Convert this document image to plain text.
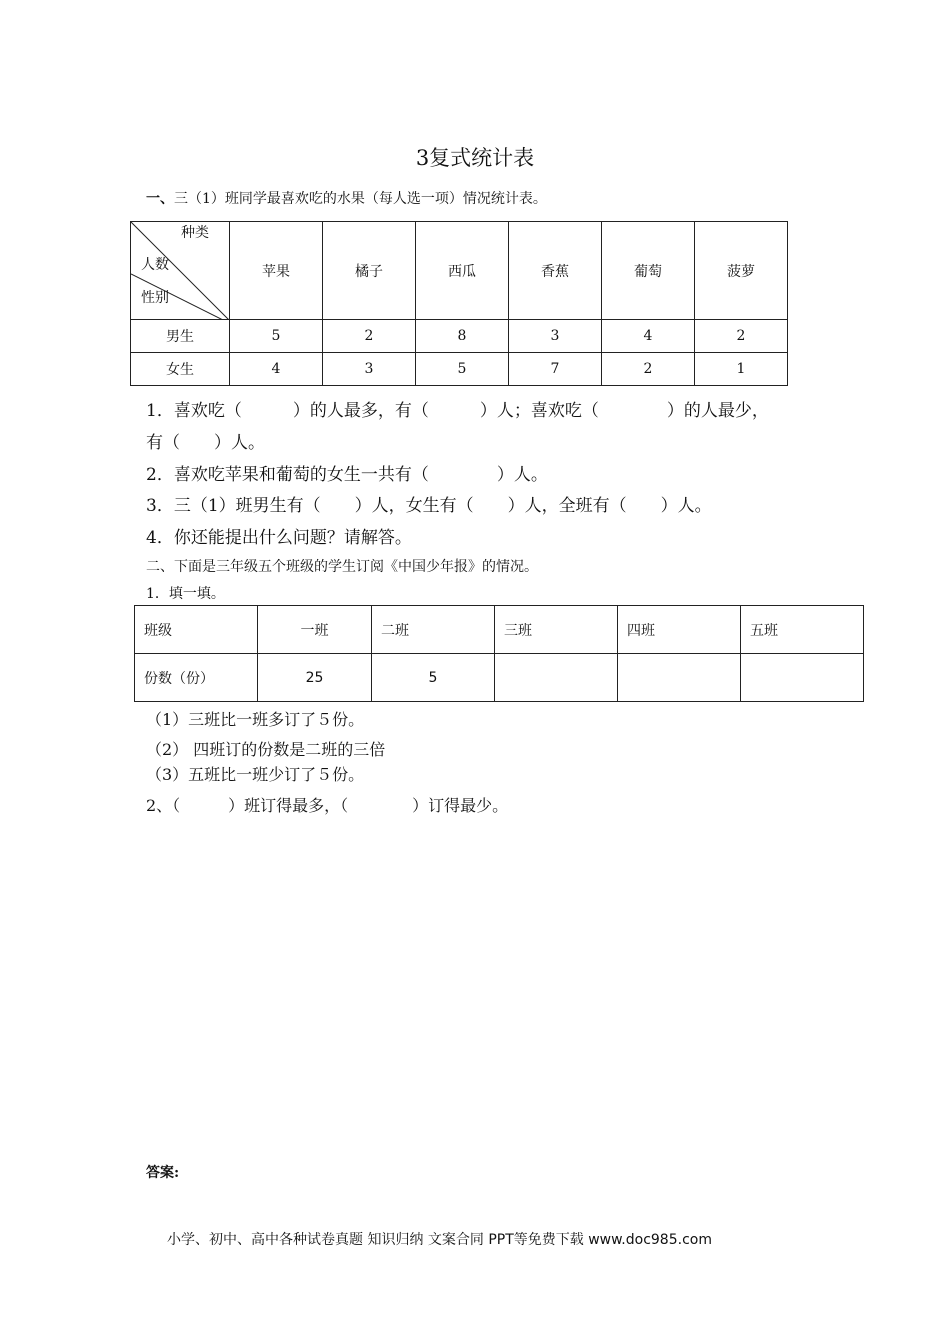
3复式统计表
一、三（1）班同学最喜欢吃的水果（每人选一项）情况统计表。
种类
人数
性别	苹果	橘子	西瓜	香蕉	葡萄	菠萝
男生	5	2	8	3	4	2
女生	4	3	5	7	2	1
1．喜欢吃（　　　）的人最多，有（　　　）人；喜欢吃（　　　　）的人最少，
有（　　）人。
2．喜欢吃苹果和葡萄的女生一共有（　　　　）人。
3．三（1）班男生有（　　）人，女生有（　　）人，全班有（　　）人。
4．你还能提出什么问题？请解答。
二、下面是三年级五个班级的学生订阅《中国少年报》的情况。
1．填一填。
班级	一班	二班	三班	四班	五班
份数（份）	25	5			
（1）三班比一班多订了５份。
（2） 四班订的份数是二班的三倍
（3）五班比一班少订了５份。
2、（　　　）班订得最多，（　　　　）订得最少。
答案:
小学、初中、高中各种试卷真题 知识归纳 文案合同 PPT等免费下载 www.doc985.com
